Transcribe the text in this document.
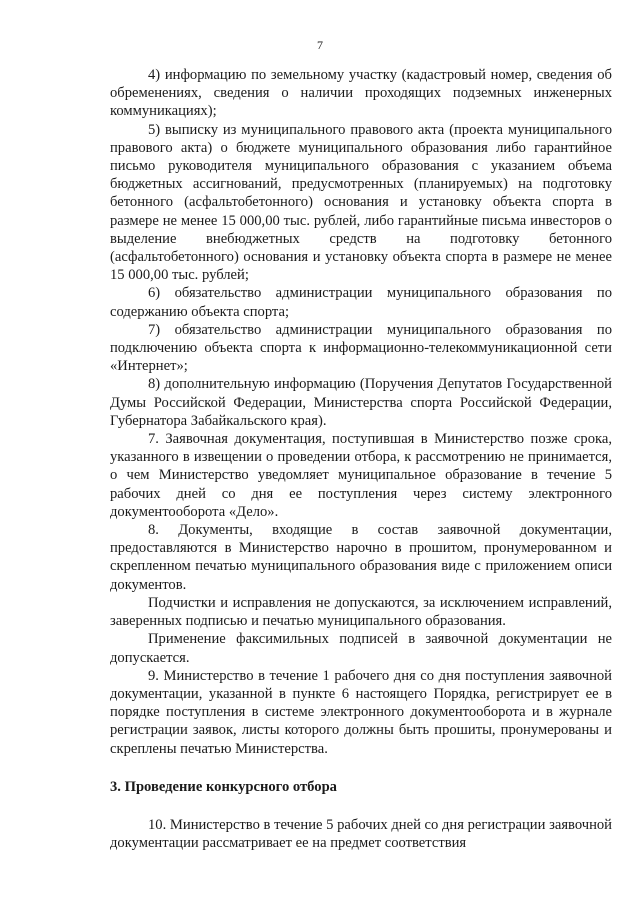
7

4) информацию по земельному участку (кадастровый номер, сведения об обременениях, сведения о наличии проходящих подземных инженерных коммуникациях);

5) выписку из муниципального правового акта (проекта муниципального правового акта) о бюджете муниципального образования либо гарантийное письмо руководителя муниципального образования с указанием объема бюджетных ассигнований, предусмотренных (планируемых) на подготовку бетонного (асфальтобетонного) основания и установку объекта спорта в размере не менее 15 000,00 тыс. рублей, либо гарантийные письма инвесторов о выделение внебюджетных средств на подготовку бетонного (асфальтобетонного) основания и установку объекта спорта в размере не менее 15 000,00 тыс. рублей;

6) обязательство администрации муниципального образования по содержанию объекта спорта;

7) обязательство администрации муниципального образования по подключению объекта спорта к информационно-телекоммуникационной сети «Интернет»;

8) дополнительную информацию (Поручения Депутатов Государственной Думы Российской Федерации, Министерства спорта Российской Федерации, Губернатора Забайкальского края).

7. Заявочная документация, поступившая в Министерство позже срока, указанного в извещении о проведении отбора, к рассмотрению не принимается, о чем Министерство уведомляет муниципальное образование в течение 5 рабочих дней со дня ее поступления через систему электронного документооборота «Дело».

8. Документы, входящие в состав заявочной документации, предоставляются в Министерство нарочно в прошитом, пронумерованном и скрепленном печатью муниципального образования виде с приложением описи документов.

Подчистки и исправления не допускаются, за исключением исправлений, заверенных подписью и печатью муниципального образования.

Применение факсимильных подписей в заявочной документации не допускается.

9. Министерство в течение 1 рабочего дня со дня поступления заявочной документации, указанной в пункте 6 настоящего Порядка, регистрирует ее в порядке поступления в системе электронного документооборота и в журнале регистрации заявок, листы которого должны быть прошиты, пронумерованы и скреплены печатью Министерства.

3. Проведение конкурсного отбора

10. Министерство в течение 5 рабочих дней со дня регистрации заявочной документации рассматривает ее на предмет соответствия
